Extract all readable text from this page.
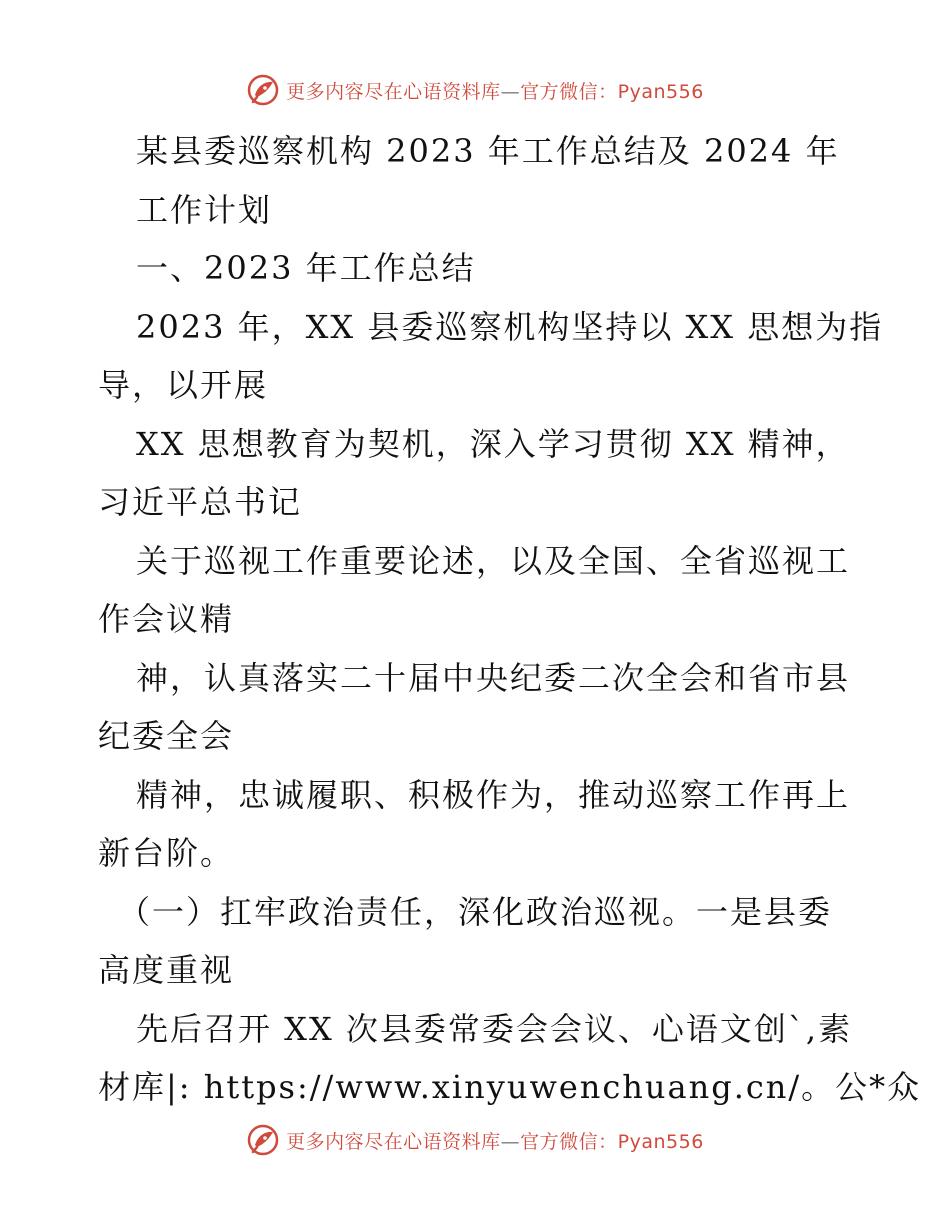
更多内容尽在心语资料库—官方微信：Pyan556
某县委巡察机构 2023 年工作总结及 2024 年
工作计划
一、2023 年工作总结
2023 年，XX 县委巡察机构坚持以 XX 思想为指
导，以开展
XX 思想教育为契机，深入学习贯彻 XX 精神，
习近平总书记
关于巡视工作重要论述，以及全国、全省巡视工
作会议精
神，认真落实二十届中央纪委二次全会和省市县
纪委全会
精神，忠诚履职、积极作为，推动巡察工作再上
新台阶。
（一）扛牢政治责任，深化政治巡视。一是县委
高度重视
先后召开 XX 次县委常委会会议、心语文创`,素
材库|: https://www.xinyuwenchuang.cn/。公*众
更多内容尽在心语资料库—官方微信：Pyan556
